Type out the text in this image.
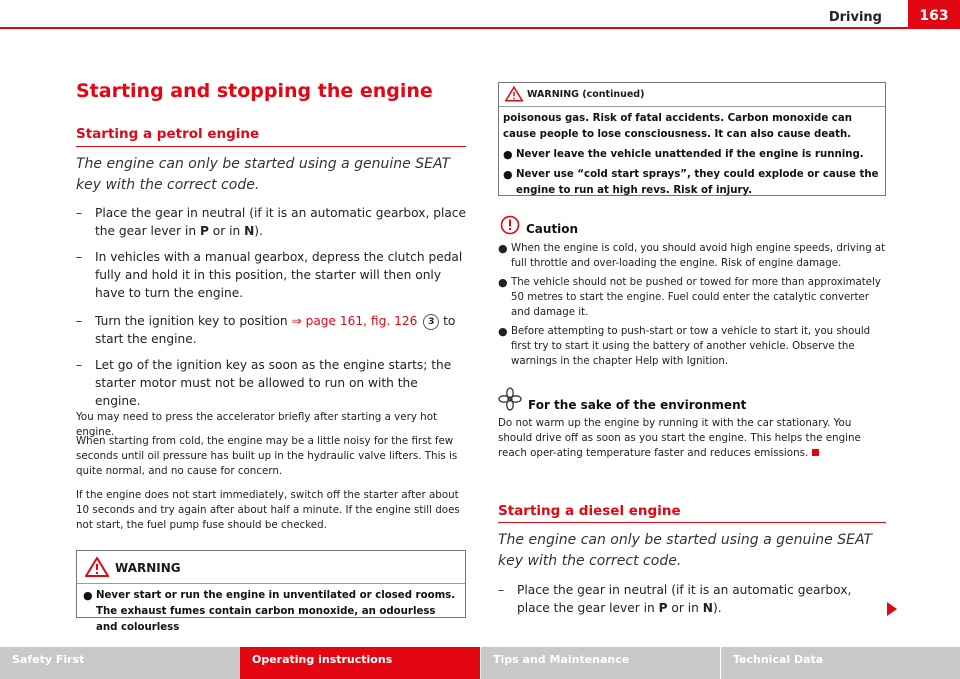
Driving	163
Starting and stopping the engine
Starting a petrol engine
The engine can only be started using a genuine SEAT key with the correct code.
– Place the gear in neutral (if it is an automatic gearbox, place the gear lever in P or in N).
– In vehicles with a manual gearbox, depress the clutch pedal fully and hold it in this position, the starter will then only have to turn the engine.
– Turn the ignition key to position ⇒ page 161, fig. 126 3 to start the engine.
– Let go of the ignition key as soon as the engine starts; the starter motor must not be allowed to run on with the engine.
You may need to press the accelerator briefly after starting a very hot engine.
When starting from cold, the engine may be a little noisy for the first few seconds until oil pressure has built up in the hydraulic valve lifters. This is quite normal, and no cause for concern.
If the engine does not start immediately, switch off the starter after about 10 seconds and try again after about half a minute. If the engine still does not start, the fuel pump fuse should be checked.
WARNING
● Never start or run the engine in unventilated or closed rooms. The exhaust fumes contain carbon monoxide, an odourless and colourless
WARNING (continued)
poisonous gas. Risk of fatal accidents. Carbon monoxide can cause people to lose consciousness. It can also cause death.
● Never leave the vehicle unattended if the engine is running.
● Never use “cold start sprays”, they could explode or cause the engine to run at high revs. Risk of injury.
Caution
● When the engine is cold, you should avoid high engine speeds, driving at full throttle and over-loading the engine. Risk of engine damage.
● The vehicle should not be pushed or towed for more than approximately 50 metres to start the engine. Fuel could enter the catalytic converter and damage it.
● Before attempting to push-start or tow a vehicle to start it, you should first try to start it using the battery of another vehicle. Observe the warnings in the chapter Help with Ignition.
For the sake of the environment
Do not warm up the engine by running it with the car stationary. You should drive off as soon as you start the engine. This helps the engine reach oper-ating temperature faster and reduces emissions.
Starting a diesel engine
The engine can only be started using a genuine SEAT key with the correct code.
– Place the gear in neutral (if it is an automatic gearbox, place the gear lever in P or in N).
Safety First	Operating instructions	Tips and Maintenance	Technical Data
